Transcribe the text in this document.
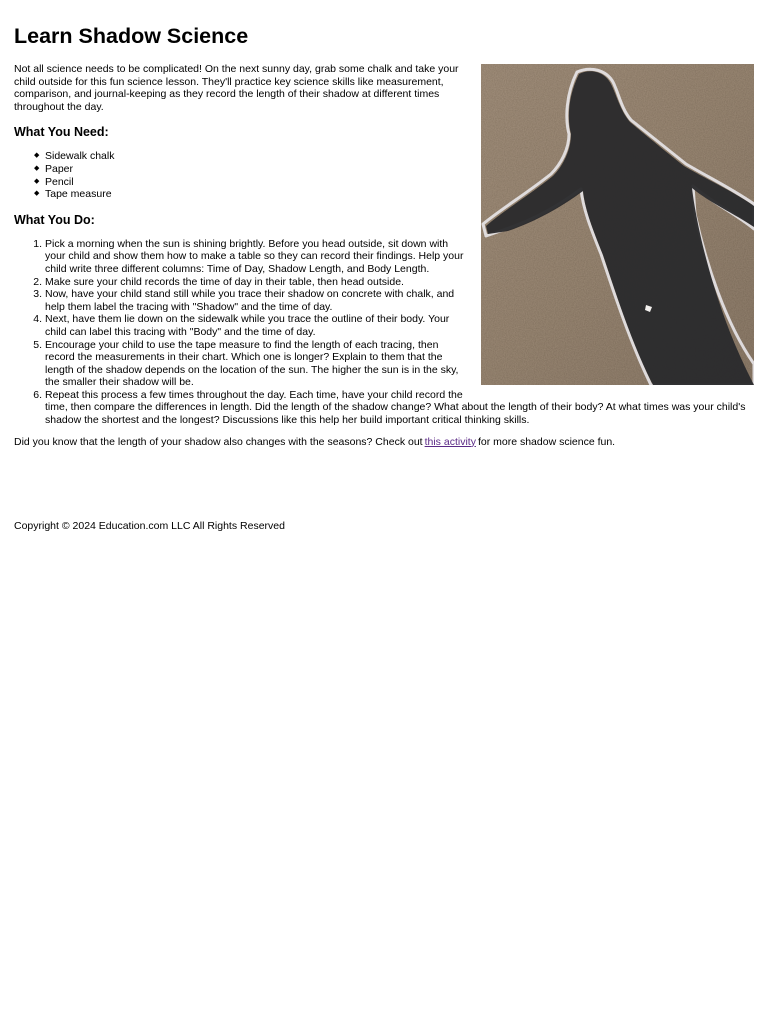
Learn Shadow Science

Not all science needs to be complicated! On the next sunny day, grab some chalk and take your child outside for this fun science lesson. They'll practice key science skills like measurement, comparison, and journal-keeping as they record the length of their shadow at different times throughout the day.

What You Need:
◆ Sidewalk chalk
◆ Paper
◆ Pencil
◆ Tape measure
What You Do:
1. Pick a morning when the sun is shining brightly. Before you head outside, sit down with your child and show them how to make a table so they can record their findings. Help your child write three different columns: Time of Day, Shadow Length, and Body Length.
2. Make sure your child records the time of day in their table, then head outside.
3. Now, have your child stand still while you trace their shadow on concrete with chalk, and help them label the tracing with "Shadow" and the time of day.
4. Next, have them lie down on the sidewalk while you trace the outline of their body. Your child can label this tracing with "Body" and the time of day.
5. Encourage your child to use the tape measure to find the length of each tracing, then record the measurements in their chart. Which one is longer? Explain to them that the length of the shadow depends on the location of the sun. The higher the sun is in the sky, the smaller their shadow will be.
6. Repeat this process a few times throughout the day. Each time, have your child record the time, then compare the differences in length. Did the length of the shadow change? What about the length of their body? At what times was your child's shadow the shortest and the longest? Discussions like this help her build important critical thinking skills.

Did you know that the length of your shadow also changes with the seasons? Check out this activity for more shadow science fun.

Copyright © 2024 Education.com LLC All Rights Reserved
